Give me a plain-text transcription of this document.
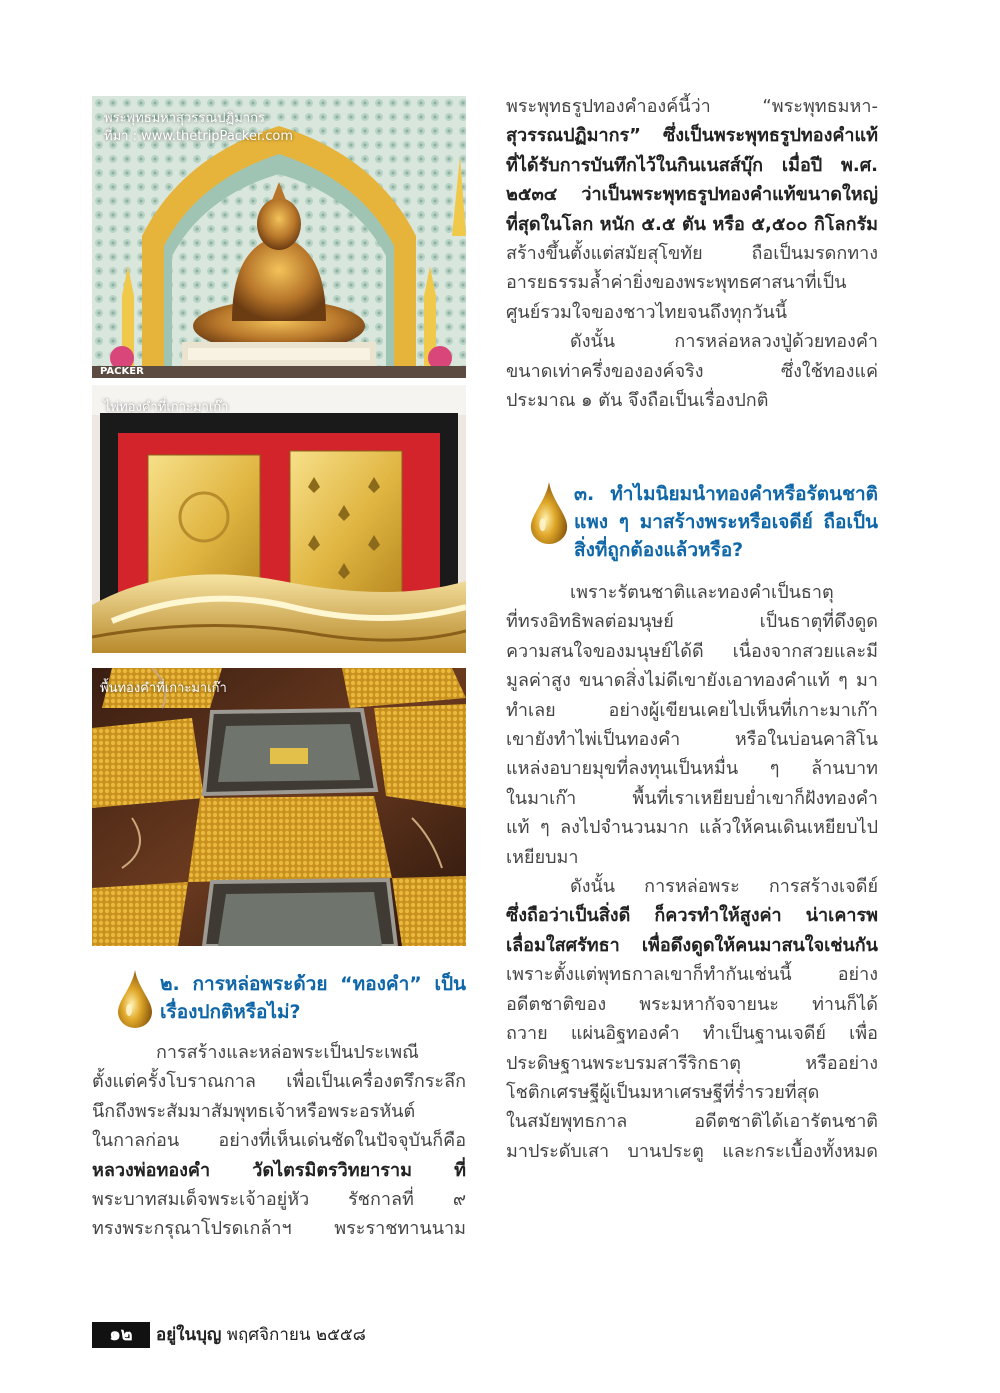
พระพุทธมหาสุวรรณปฏิมากร
ที่มา : www.thetripPacker.com
PACKER
ไพ่ทองคำที่เกาะมาเก๊า
พื้นทองคำที่เกาะมาเก๊า
๒. การหล่อพระด้วย “ทองคำ” เป็น
เรื่องปกติหรือไม่?
การสร้างและหล่อพระเป็นประเพณี
ตั้งแต่ครั้งโบราณกาล เพื่อเป็นเครื่องตรึกระลึก
นึกถึงพระสัมมาสัมพุทธเจ้าหรือพระอรหันต์
ในกาลก่อน อย่างที่เห็นเด่นชัดในปัจจุบันก็คือ
หลวงพ่อทองคำ วัดไตรมิตรวิทยาราม ที่
พระบาทสมเด็จพระเจ้าอยู่หัว รัชกาลที่ ๙
ทรงพระกรุณาโปรดเกล้าฯ พระราชทานนาม
พระพุทธรูปทองคำองค์นี้ว่า “พระพุทธมหา-
สุวรรณปฏิมากร” ซึ่งเป็นพระพุทธรูปทองคำแท้
ที่ได้รับการบันทึกไว้ในกินเนสส์บุ๊ก เมื่อปี พ.ศ.
๒๕๓๔ ว่าเป็นพระพุทธรูปทองคำแท้ขนาดใหญ่
ที่สุดในโลก หนัก ๕.๕ ตัน หรือ ๕,๕๐๐ กิโลกรัม
สร้างขึ้นตั้งแต่สมัยสุโขทัย ถือเป็นมรดกทาง
อารยธรรมล้ำค่ายิ่งของพระพุทธศาสนาที่เป็น
ศูนย์รวมใจของชาวไทยจนถึงทุกวันนี้
ดังนั้น การหล่อหลวงปู่ด้วยทองคำ
ขนาดเท่าครึ่งขององค์จริง ซึ่งใช้ทองแค่
ประมาณ ๑ ตัน จึงถือเป็นเรื่องปกติ
๓. ทำไมนิยมนำทองคำหรือรัตนชาติ
แพง ๆ มาสร้างพระหรือเจดีย์ ถือเป็น
สิ่งที่ถูกต้องแล้วหรือ?
เพราะรัตนชาติและทองคำเป็นธาตุ
ที่ทรงอิทธิพลต่อมนุษย์ เป็นธาตุที่ดึงดูด
ความสนใจของมนุษย์ได้ดี เนื่องจากสวยและมี
มูลค่าสูง ขนาดสิ่งไม่ดีเขายังเอาทองคำแท้ ๆ มา
ทำเลย อย่างผู้เขียนเคยไปเห็นที่เกาะมาเก๊า
เขายังทำไพ่เป็นทองคำ หรือในบ่อนคาสิโน
แหล่งอบายมุขที่ลงทุนเป็นหมื่น ๆ ล้านบาท
ในมาเก๊า พื้นที่เราเหยียบย่ำเขาก็ฝังทองคำ
แท้ ๆ ลงไปจำนวนมาก แล้วให้คนเดินเหยียบไป
เหยียบมา
ดังนั้น การหล่อพระ การสร้างเจดีย์
ซึ่งถือว่าเป็นสิ่งดี ก็ควรทำให้สูงค่า น่าเคารพ
เลื่อมใสศรัทธา เพื่อดึงดูดให้คนมาสนใจเช่นกัน
เพราะตั้งแต่พุทธกาลเขาก็ทำกันเช่นนี้ อย่าง
อดีตชาติของ พระมหากัจจายนะ ท่านก็ได้
ถวาย แผ่นอิฐทองคำ ทำเป็นฐานเจดีย์ เพื่อ
ประดิษฐานพระบรมสารีริกธาตุ หรืออย่าง
โชติกเศรษฐีผู้เป็นมหาเศรษฐีที่ร่ำรวยที่สุด
ในสมัยพุทธกาล อดีตชาติได้เอารัตนชาติ
มาประดับเสา บานประตู และกระเบื้องทั้งหมด
๑๒	อยู่ในบุญ พฤศจิกายน ๒๕๕๘
